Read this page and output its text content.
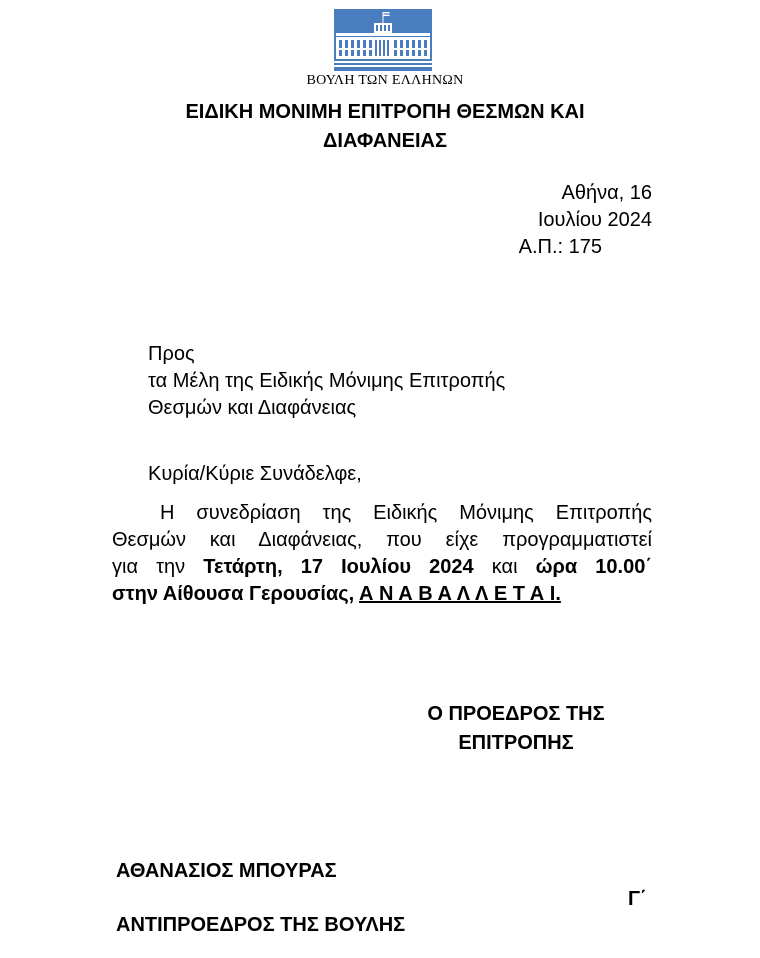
ΒΟΥΛΗ ΤΩΝ ΕΛΛΗΝΩΝ
ΕΙΔΙΚΗ ΜΟΝΙΜΗ ΕΠΙΤΡΟΠΗ ΘΕΣΜΩΝ ΚΑΙ
ΔΙΑΦΑΝΕΙΑΣ
Αθήνα, 16
Ιουλίου 2024
Α.Π.: 175
Προς
τα Μέλη της Ειδικής Μόνιμης Επιτροπής
Θεσμών και Διαφάνειας
Κυρία/Κύριε Συνάδελφε,
Η συνεδρίαση της Ειδικής Μόνιμης Επιτροπής
Θεσμών και Διαφάνειας, που είχε προγραμματιστεί
για την Τετάρτη, 17 Ιουλίου 2024 και ώρα 10.00΄
στην Αίθουσα Γερουσίας, Α Ν Α Β Α Λ Λ Ε Τ Α Ι.
Ο ΠΡΟΕΔΡΟΣ ΤΗΣ
ΕΠΙΤΡΟΠΗΣ
ΑΘΑΝΑΣΙΟΣ ΜΠΟΥΡΑΣ
Γ΄
ΑΝΤΙΠΡΟΕΔΡΟΣ ΤΗΣ ΒΟΥΛΗΣ
